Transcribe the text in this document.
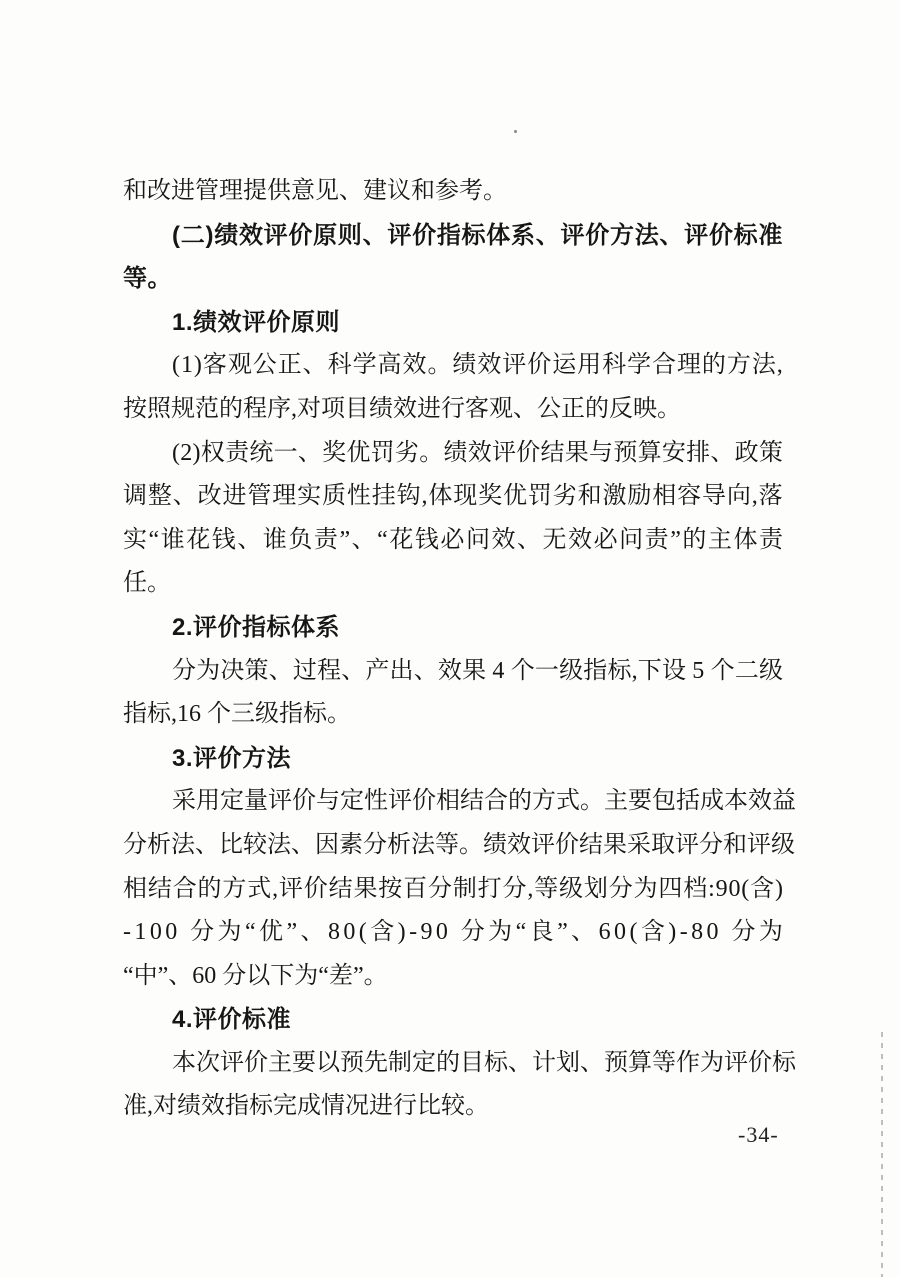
和改进管理提供意见、建议和参考。
( 二 ) 绩 效 评 价 原 则 、 评 价 指 标 体 系 、 评 价 方 法 、 评 价 标 准
等。
1.绩效评价原则
( 1 ) 客 观 公 正 、 科 学 高 效 。 绩 效 评 价 运 用 科 学 合 理 的 方 法 ,
按照规范的程序,对项目绩效进行客观、公正的反映。
( 2 ) 权 责 统 一 、 奖 优 罚 劣 。 绩 效 评 价 结 果 与 预 算 安 排 、 政 策
调 整 、 改 进 管 理 实 质 性 挂 钩 , 体 现 奖 优 罚 劣 和 激 励 相 容 导 向 , 落
实 “ 谁 花 钱 、 谁 负 责 ” 、 “ 花 钱 必 问 效 、 无 效 必 问 责 ” 的 主 体 责
任。
2.评价指标体系
分 为 决 策 、 过 程 、 产 出 、 效 果
4
个 一 级 指 标 , 下 设
5
个 二 级
指标,16 个三级指标。
3.评价方法
采 用 定 量 评 价 与 定 性 评 价 相 结 合 的 方 式 。 主 要 包 括 成 本 效 益
分 析 法 、 比 较 法 、 因 素 分 析 法 等 。 绩 效 评 价 结 果 采 取 评 分 和 评 级
相 结 合 的 方 式 , 评 价 结 果 按 百 分 制 打 分 , 等 级 划 分 为 四 档 : 9 0 ( 含 )
- 1 0 0
分 为 “ 优 ” 、 8 0 ( 含 ) - 9 0
分 为 “ 良 ” 、 6 0 ( 含 ) - 8 0
分 为
“中”、60 分以下为“差”。
4.评价标准
本 次 评 价 主 要 以 预 先 制 定 的 目 标 、 计 划 、 预 算 等 作 为 评 价 标
准,对绩效指标完成情况进行比较。
-34-
